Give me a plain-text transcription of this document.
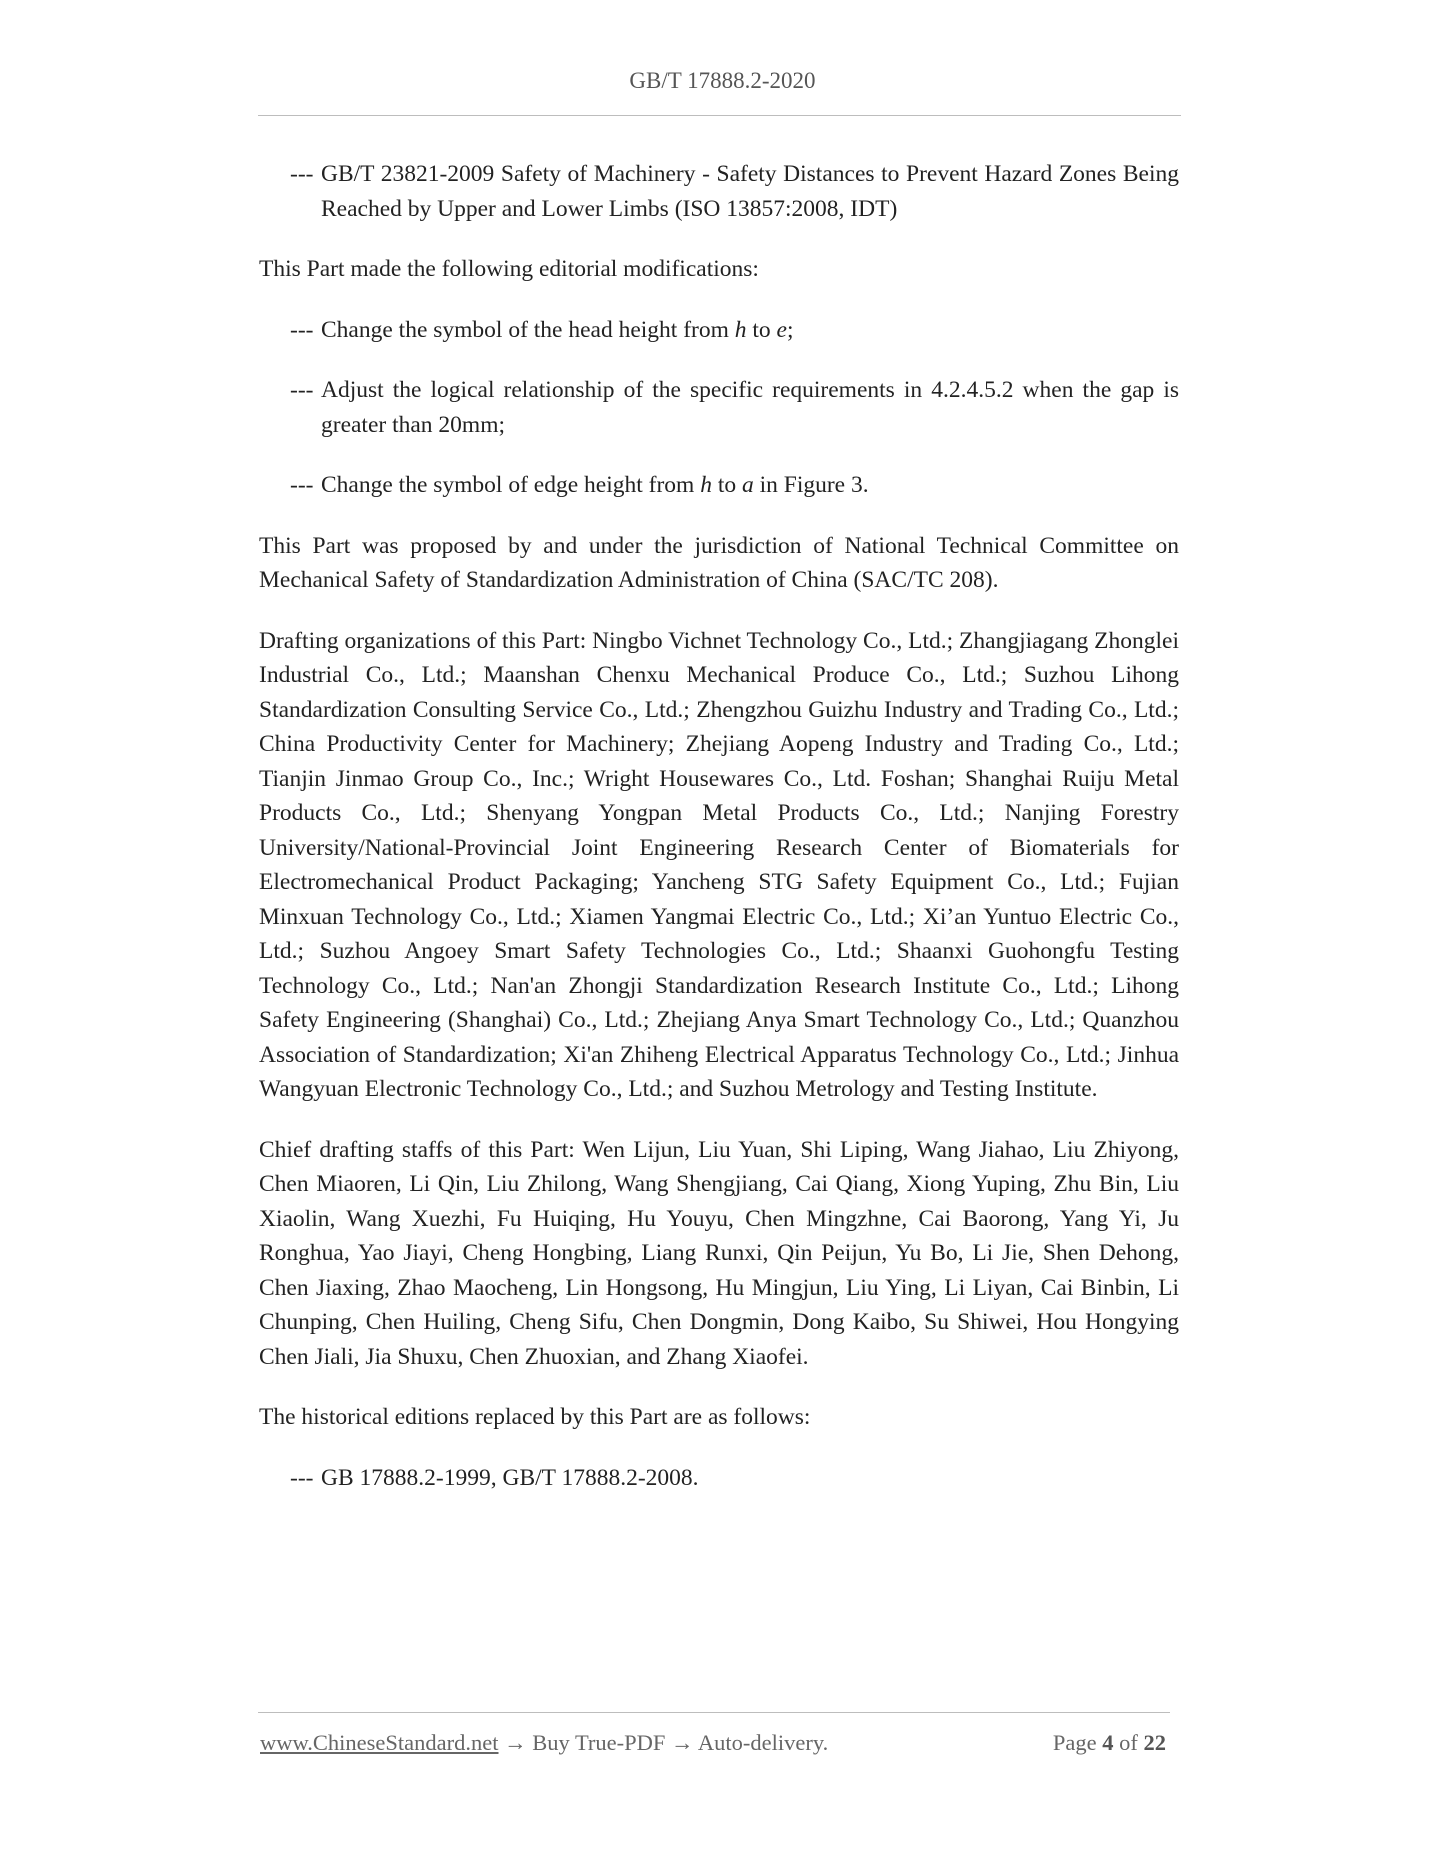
GB/T 17888.2-2020
--- GB/T 23821-2009 Safety of Machinery - Safety Distances to Prevent Hazard Zones Being Reached by Upper and Lower Limbs (ISO 13857:2008, IDT)

This Part made the following editorial modifications:

--- Change the symbol of the head height from h to e;
--- Adjust the logical relationship of the specific requirements in 4.2.4.5.2 when the gap is greater than 20mm;
--- Change the symbol of edge height from h to a in Figure 3.

This Part was proposed by and under the jurisdiction of National Technical Committee on Mechanical Safety of Standardization Administration of China (SAC/TC 208).

Drafting organizations of this Part: Ningbo Vichnet Technology Co., Ltd.; Zhangjiagang Zhonglei Industrial Co., Ltd.; Maanshan Chenxu Mechanical Produce Co., Ltd.; Suzhou Lihong Standardization Consulting Service Co., Ltd.; Zhengzhou Guizhu Industry and Trading Co., Ltd.; China Productivity Center for Machinery; Zhejiang Aopeng Industry and Trading Co., Ltd.; Tianjin Jinmao Group Co., Inc.; Wright Housewares Co., Ltd. Foshan; Shanghai Ruiju Metal Products Co., Ltd.; Shenyang Yongpan Metal Products Co., Ltd.; Nanjing Forestry University/National-Provincial Joint Engineering Research Center of Biomaterials for Electromechanical Product Packaging; Yancheng STG Safety Equipment Co., Ltd.; Fujian Minxuan Technology Co., Ltd.; Xiamen Yangmai Electric Co., Ltd.; Xi’an Yuntuo Electric Co., Ltd.; Suzhou Angoey Smart Safety Technologies Co., Ltd.; Shaanxi Guohongfu Testing Technology Co., Ltd.; Nan'an Zhongji Standardization Research Institute Co., Ltd.; Lihong Safety Engineering (Shanghai) Co., Ltd.; Zhejiang Anya Smart Technology Co., Ltd.; Quanzhou Association of Standardization; Xi'an Zhiheng Electrical Apparatus Technology Co., Ltd.; Jinhua Wangyuan Electronic Technology Co., Ltd.; and Suzhou Metrology and Testing Institute.

Chief drafting staffs of this Part: Wen Lijun, Liu Yuan, Shi Liping, Wang Jiahao, Liu Zhiyong, Chen Miaoren, Li Qin, Liu Zhilong, Wang Shengjiang, Cai Qiang, Xiong Yuping, Zhu Bin, Liu Xiaolin, Wang Xuezhi, Fu Huiqing, Hu Youyu, Chen Mingzhne, Cai Baorong, Yang Yi, Ju Ronghua, Yao Jiayi, Cheng Hongbing, Liang Runxi, Qin Peijun, Yu Bo, Li Jie, Shen Dehong, Chen Jiaxing, Zhao Maocheng, Lin Hongsong, Hu Mingjun, Liu Ying, Li Liyan, Cai Binbin, Li Chunping, Chen Huiling, Cheng Sifu, Chen Dongmin, Dong Kaibo, Su Shiwei, Hou Hongying Chen Jiali, Jia Shuxu, Chen Zhuoxian, and Zhang Xiaofei.

The historical editions replaced by this Part are as follows:

--- GB 17888.2-1999, GB/T 17888.2-2008.
www.ChineseStandard.net → Buy True-PDF → Auto-delivery.	Page 4 of 22
